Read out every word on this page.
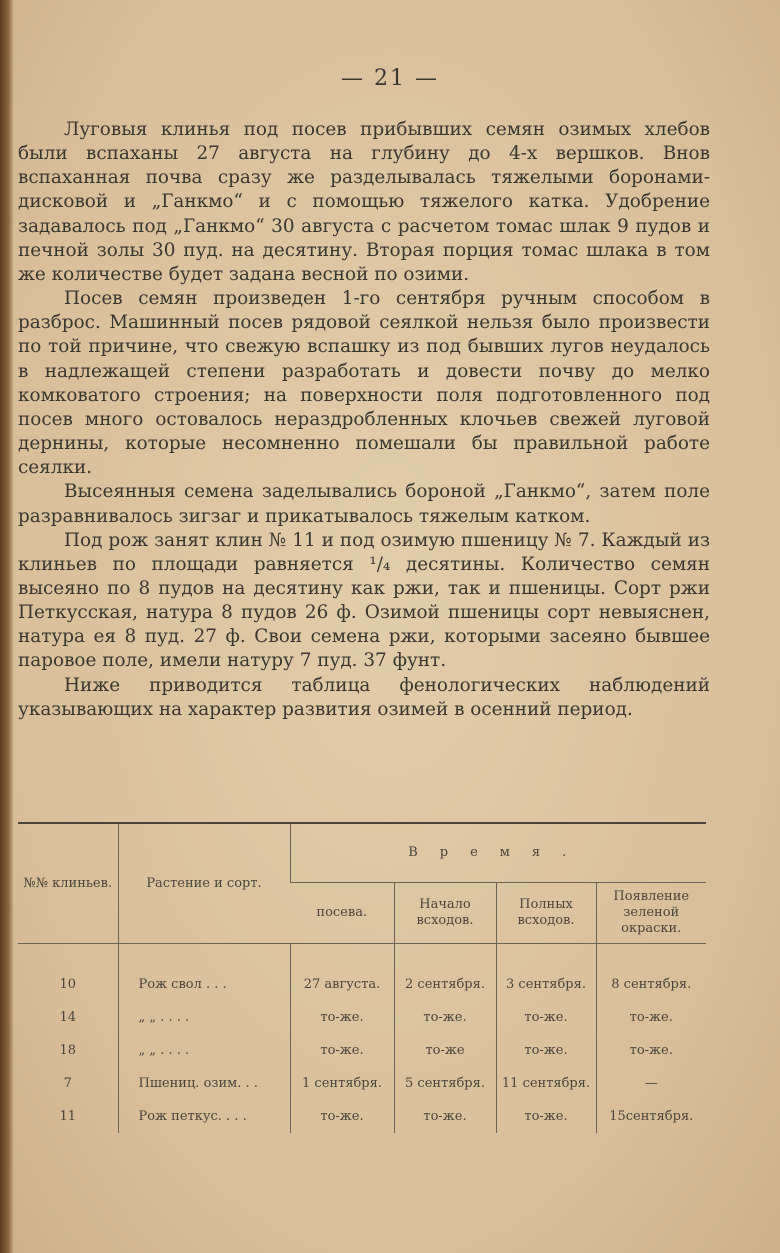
— 21 —

Луговыя клинья под посев прибывших семян озимых хлебов были вспаханы 27 августа на глубину до 4-х вершков. Внов вспаханная почва сразу же разделывалась тяжелыми боронами-дисковой и „Ганкмо“ и с помощью тяжелого катка. Удобрение задавалось под „Ганкмо“ 30 августа с расчетом томас шлак 9 пудов и печной золы 30 пуд. на десятину. Вторая порция томас шлака в том же количестве будет задана весной по озими.

Посев семян произведен 1-го сентября ручным способом в разброс. Машинный посев рядовой сеялкой нельзя было произвести по той причине, что свежую вспашку из под бывших лугов неудалось в надлежащей степени разработать и довести почву до мелко комковатого строения; на поверхности поля подготовленного под посев много остовалось нераздробленных клочьев свежей луговой дернины, которые несомненно помешали бы правильной работе сеялки.

Высеянныя семена заделывались бороной „Ганкмо“, затем поле разравнивалось зигзаг и прикатывалось тяжелым катком.

Под рож занят клин № 11 и под озимую пшеницу № 7. Каждый из клиньев по площади равняется ¹/₄ десятины. Количество семян высеяно по 8 пудов на десятину как ржи, так и пшеницы. Сорт ржи Петкусская, натура 8 пудов 26 ф. Озимой пшеницы сорт невыяснен, натура ея 8 пуд. 27 ф. Свои семена ржи, которыми засеяно бывшее паровое поле, имели натуру 7 пуд. 37 фунт.

Ниже приводится таблица фенологических наблюдений указывающих на характер развития озимей в осенний период.

№№ клиньев.	Растение и сорт.	Время.			
		посева.	Начало всходов.	Полных всходов.	Появление зеленой окраски.

10	Рож свол . . .	27 августа.	2 сентября.	3 сентября.	8 сентября.
14	„ „ . . . .	то-же.	то-же.	то-же.	то-же.
18	„ „ . . . .	то-же.	то-же	то-же.	то-же.
7	Пшениц. озим. . .	1 сентября.	5 сентября.	11 сентября.	—
11	Рож петкус. . . .	то-же.	то-же.	то-же.	15сентября.
